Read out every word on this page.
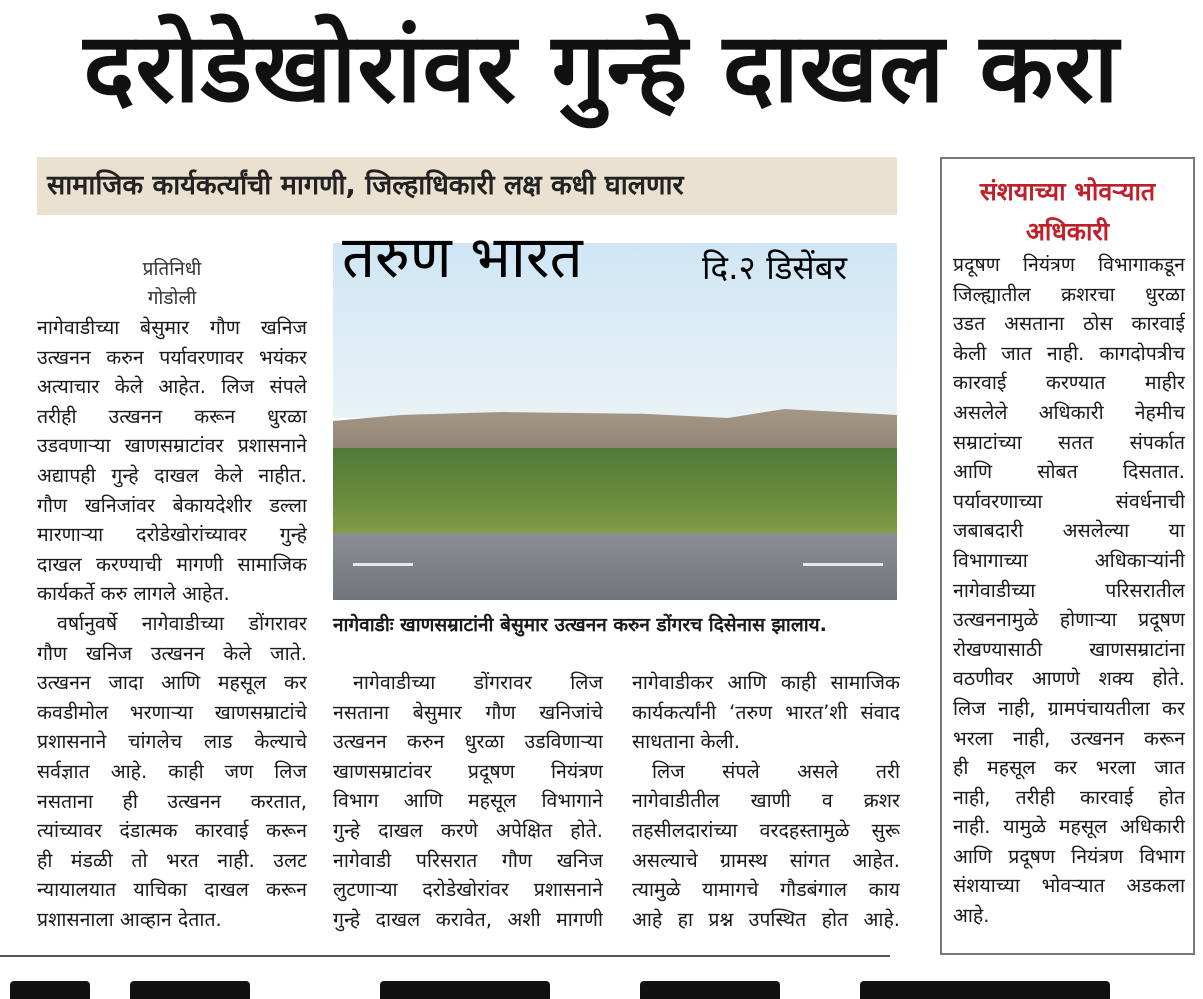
दरोडेखोरांवर गुन्हे दाखल करा
सामाजिक कार्यकर्त्यांची मागणी, जिल्हाधिकारी लक्ष कधी घालणार
प्रतिनिधी
गोडोली
नागेवाडीच्या बेसुमार गौण खनिज
उत्खनन करुन पर्यावरणावर भयंकर
अत्याचार केले आहेत. लिज संपले
तरीही उत्खनन करून धुरळा
उडवणाऱ्या खाणसम्राटांवर प्रशासनाने
अद्यापही गुन्हे दाखल केले नाहीत.
गौण खनिजांवर बेकायदेशीर डल्ला
मारणाऱ्या दरोडेखोरांच्यावर गुन्हे
दाखल करण्याची मागणी सामाजिक
कार्यकर्ते करु लागले आहेत.
वर्षानुवर्षे नागेवाडीच्या डोंगरावर
गौण खनिज उत्खनन केले जाते.
उत्खनन जादा आणि महसूल कर
कवडीमोल भरणाऱ्या खाणसम्राटांचे
प्रशासनाने चांगलेच लाड केल्याचे
सर्वज्ञात आहे. काही जण लिज
नसताना ही उत्खनन करतात,
त्यांच्यावर दंडात्मक कारवाई करून
ही मंडळी तो भरत नाही. उलट
न्यायालयात याचिका दाखल करून
प्रशासनाला आव्हान देतात.
तरुण भारत	दि.२ डिसेंबर
नागेवाडीः खाणसम्राटांनी बेसुमार उत्खनन करुन डोंगरच दिसेनास झालाय.
नागेवाडीच्या डोंगरावर लिज
नसताना बेसुमार गौण खनिजांचे
उत्खनन करुन धुरळा उडविणाऱ्या
खाणसम्राटांवर प्रदूषण नियंत्रण
विभाग आणि महसूल विभागाने
गुन्हे दाखल करणे अपेक्षित होते.
नागेवाडी परिसरात गौण खनिज
लुटणाऱ्या दरोडेखोरांवर प्रशासनाने
गुन्हे दाखल करावेत, अशी मागणी
नागेवाडीकर आणि काही सामाजिक
कार्यकर्त्यांनी ‘तरुण भारत’शी संवाद
साधताना केली.
लिज संपले असले तरी
नागेवाडीतील खाणी व क्रशर
तहसीलदारांच्या वरदहस्तामुळे सुरू
असल्याचे ग्रामस्थ सांगत आहेत.
त्यामुळे यामागचे गौडबंगाल काय
आहे हा प्रश्न उपस्थित होत आहे.
संशयाच्या भोवऱ्यात
अधिकारी
प्रदूषण नियंत्रण विभागाकडून
जिल्ह्यातील क्रशरचा धुरळा
उडत असताना ठोस कारवाई
केली जात नाही. कागदोपत्रीच
कारवाई करण्यात माहीर
असलेले अधिकारी नेहमीच
सम्राटांच्या सतत संपर्कात
आणि सोबत दिसतात.
पर्यावरणाच्या संवर्धनाची
जबाबदारी असलेल्या या
विभागाच्या अधिकाऱ्यांनी
नागेवाडीच्या परिसरातील
उत्खननामुळे होणाऱ्या प्रदूषण
रोखण्यासाठी खाणसम्राटांना
वठणीवर आणणे शक्य होते.
लिज नाही, ग्रामपंचायतीला कर
भरला नाही, उत्खनन करून
ही महसूल कर भरला जात
नाही, तरीही कारवाई होत
नाही. यामुळे महसूल अधिकारी
आणि प्रदूषण नियंत्रण विभाग
संशयाच्या भोवऱ्यात अडकला
आहे.
